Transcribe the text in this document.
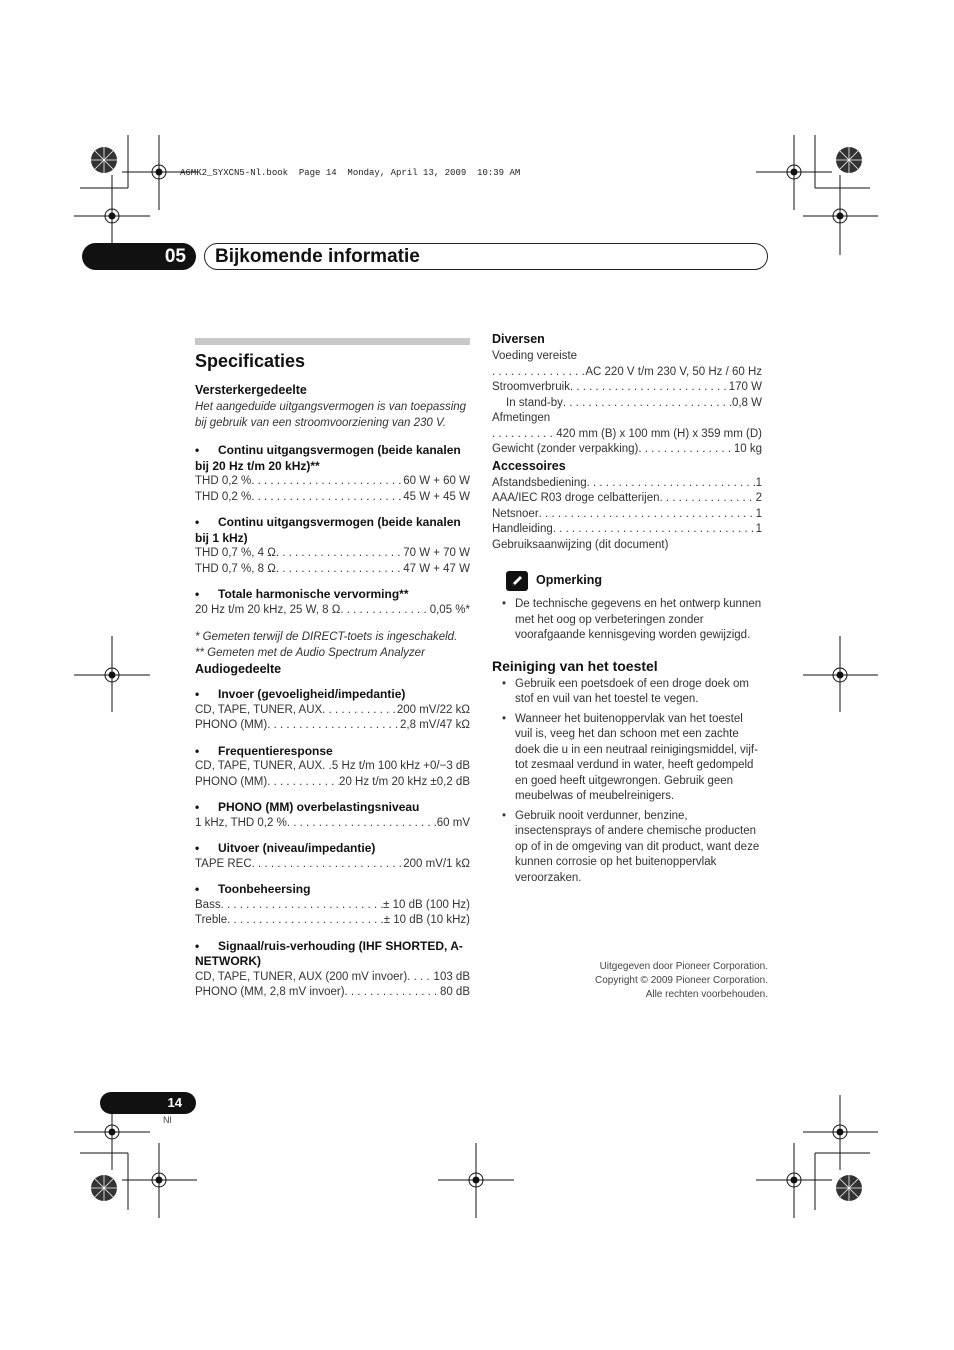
A6MK2_SYXCN5-Nl.book  Page 14  Monday, April 13, 2009  10:39 AM
05	Bijkomende informatie
Specificaties
Versterkergedeelte
Het aangeduide uitgangsvermogen is van toepassing bij gebruik van een stroomvoorziening van 230 V.
• Continu uitgangsvermogen (beide kanalen bij 20 Hz t/m 20 kHz)**
THD 0,2 % . . .	60 W + 60 W
THD 0,2 % . . .	45 W + 45 W
• Continu uitgangsvermogen (beide kanalen bij 1 kHz)
THD 0,7 %, 4 Ω . . .	70 W + 70 W
THD 0,7 %, 8 Ω . . .	47 W + 47 W
• Totale harmonische vervorming**
20 Hz t/m 20 kHz, 25 W, 8 Ω . . .	0,05 %*
* Gemeten terwijl de DIRECT-toets is ingeschakeld.
** Gemeten met de Audio Spectrum Analyzer
Audiogedeelte
• Invoer (gevoeligheid/impedantie)
CD, TAPE, TUNER, AUX . . .	200 mV/22 kΩ
PHONO (MM) . . .	2,8 mV/47 kΩ
• Frequentieresponse
CD, TAPE, TUNER, AUX . . . 5 Hz t/m 100 kHz +0/−3 dB
PHONO (MM) . . .	20 Hz t/m 20 kHz ±0,2 dB
• PHONO (MM) overbelastingsniveau
1 kHz, THD 0,2 % . . .	60 mV
• Uitvoer (niveau/impedantie)
TAPE REC . . .	200 mV/1 kΩ
• Toonbeheersing
Bass . . .	± 10 dB (100 Hz)
Treble . . .	± 10 dB (10 kHz)
• Signaal/ruis-verhouding (IHF SHORTED, A-NETWORK)
CD, TAPE, TUNER, AUX (200 mV invoer) . . . 103 dB
PHONO (MM, 2,8 mV invoer) . . .	80 dB
Diversen
Voeding vereiste
. . .
AC 220 V t/m 230 V, 50 Hz / 60 Hz
Stroomverbruik . . .	170 W
In stand-by . . .	0,8 W
Afmetingen
. . .
420 mm (B) x 100 mm (H) x 359 mm (D)
Gewicht (zonder verpakking) . . .	10 kg
Accessoires
Afstandsbediening . . .	1
AAA/IEC R03 droge celbatterijen . . .	2
Netsnoer . . .	1
Handleiding . . .	1
Gebruiksaanwijzing (dit document)
Opmerking
• De technische gegevens en het ontwerp kunnen met het oog op verbeteringen zonder voorafgaande kennisgeving worden gewijzigd.
Reiniging van het toestel
• Gebruik een poetsdoek of een droge doek om stof en vuil van het toestel te vegen.
• Wanneer het buitenoppervlak van het toestel vuil is, veeg het dan schoon met een zachte doek die u in een neutraal reinigingsmiddel, vijf- tot zesmaal verdund in water, heeft gedompeld en goed heeft uitgewrongen. Gebruik geen meubelwas of meubelreinigers.
• Gebruik nooit verdunner, benzine, insectensprays of andere chemische producten op of in de omgeving van dit product, want deze kunnen corrosie op het buitenoppervlak veroorzaken.
Uitgegeven door Pioneer Corporation.
Copyright © 2009 Pioneer Corporation.
Alle rechten voorbehouden.
14
Nl
